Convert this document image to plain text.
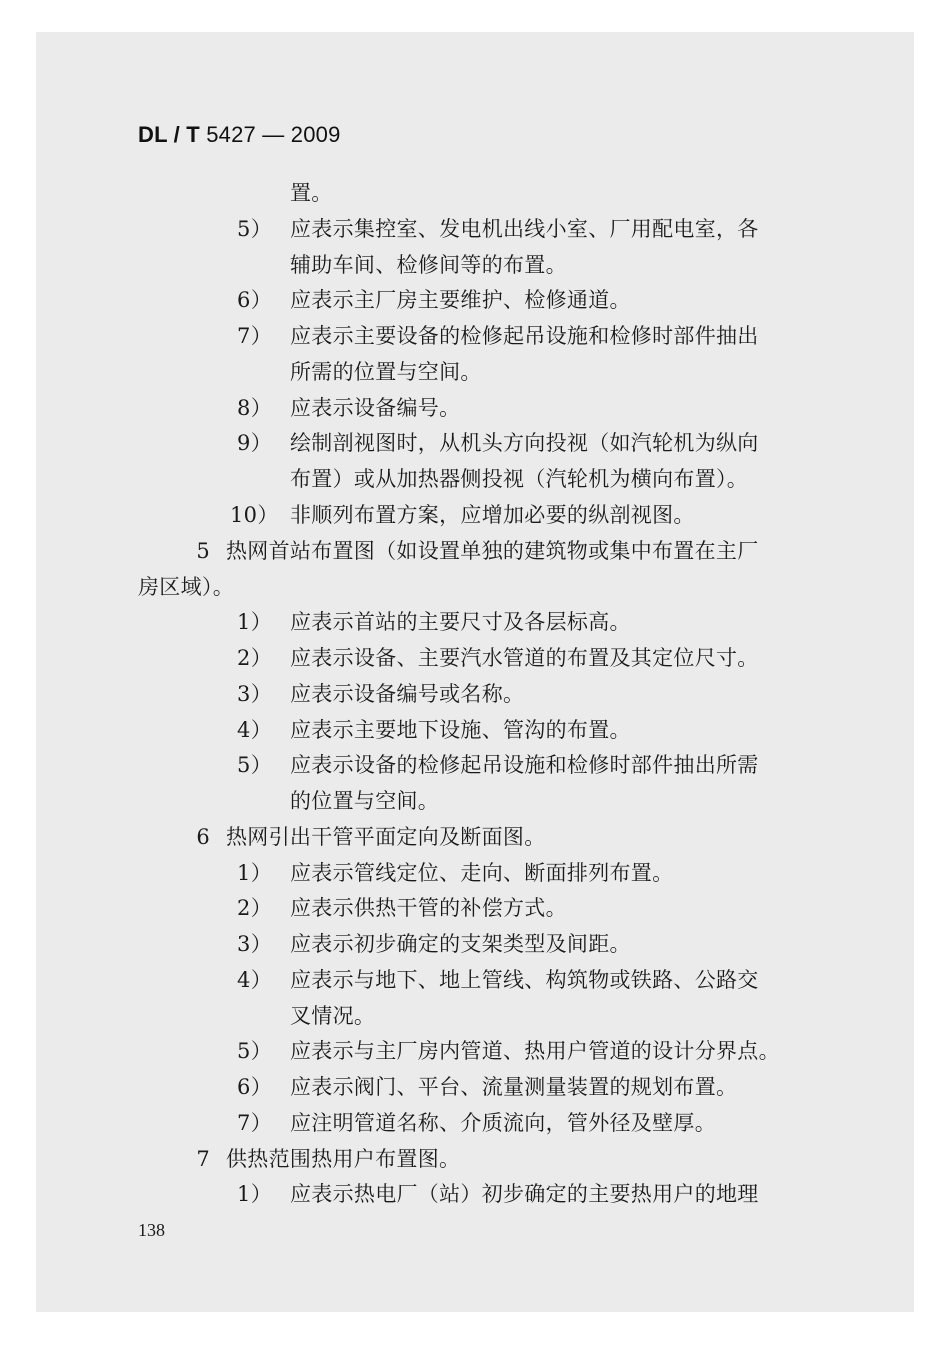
DL / T 5427 — 2009
置。
5） 应表示集控室、发电机出线小室、厂用配电室，各
辅助车间、检修间等的布置。
6） 应表示主厂房主要维护、检修通道。
7） 应表示主要设备的检修起吊设施和检修时部件抽出
所需的位置与空间。
8） 应表示设备编号。
9） 绘制剖视图时，从机头方向投视（如汽轮机为纵向
布置）或从加热器侧投视（汽轮机为横向布置）。
10） 非顺列布置方案，应增加必要的纵剖视图。
5 热网首站布置图（如设置单独的建筑物或集中布置在主厂
房区域）。
1） 应表示首站的主要尺寸及各层标高。
2） 应表示设备、主要汽水管道的布置及其定位尺寸。
3） 应表示设备编号或名称。
4） 应表示主要地下设施、管沟的布置。
5） 应表示设备的检修起吊设施和检修时部件抽出所需
的位置与空间。
6 热网引出干管平面定向及断面图。
1） 应表示管线定位、走向、断面排列布置。
2） 应表示供热干管的补偿方式。
3） 应表示初步确定的支架类型及间距。
4） 应表示与地下、地上管线、构筑物或铁路、公路交
叉情况。
5） 应表示与主厂房内管道、热用户管道的设计分界点。
6） 应表示阀门、平台、流量测量装置的规划布置。
7） 应注明管道名称、介质流向，管外径及壁厚。
7 供热范围热用户布置图。
1） 应表示热电厂（站）初步确定的主要热用户的地理
138
